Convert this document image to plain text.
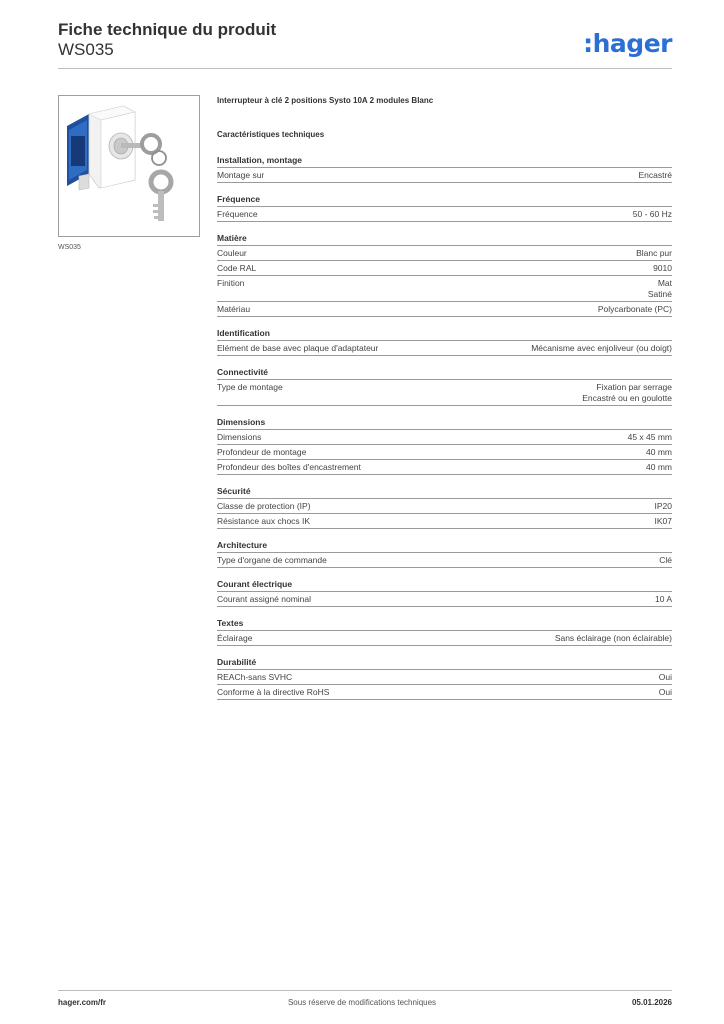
Fiche technique du produit
WS035	:hager
WS035
Interrupteur à clé 2 positions Systo 10A 2 modules Blanc
Caractéristiques techniques
Installation, montage
Montage sur	Encastré
Fréquence
Fréquence	50 - 60 Hz
Matière
Couleur	Blanc pur
Code RAL	9010
Finition	Mat
Satiné
Matériau	Polycarbonate (PC)
Identification
Elément de base avec plaque d'adaptateur	Mécanisme avec enjoliveur (ou doigt)
Connectivité
Type de montage	Fixation par serrage
Encastré ou en goulotte
Dimensions
Dimensions	45 x 45 mm
Profondeur de montage	40 mm
Profondeur des boîtes d'encastrement	40 mm
Sécurité
Classe de protection (IP)	IP20
Résistance aux chocs IK	IK07
Architecture
Type d'organe de commande	Clé
Courant électrique
Courant assigné nominal	10 A
Textes
Éclairage	Sans éclairage (non éclairable)
Durabilité
REACh-sans SVHC	Oui
Conforme à la directive RoHS	Oui
hager.com/fr	Sous réserve de modifications techniques	05.01.2026
